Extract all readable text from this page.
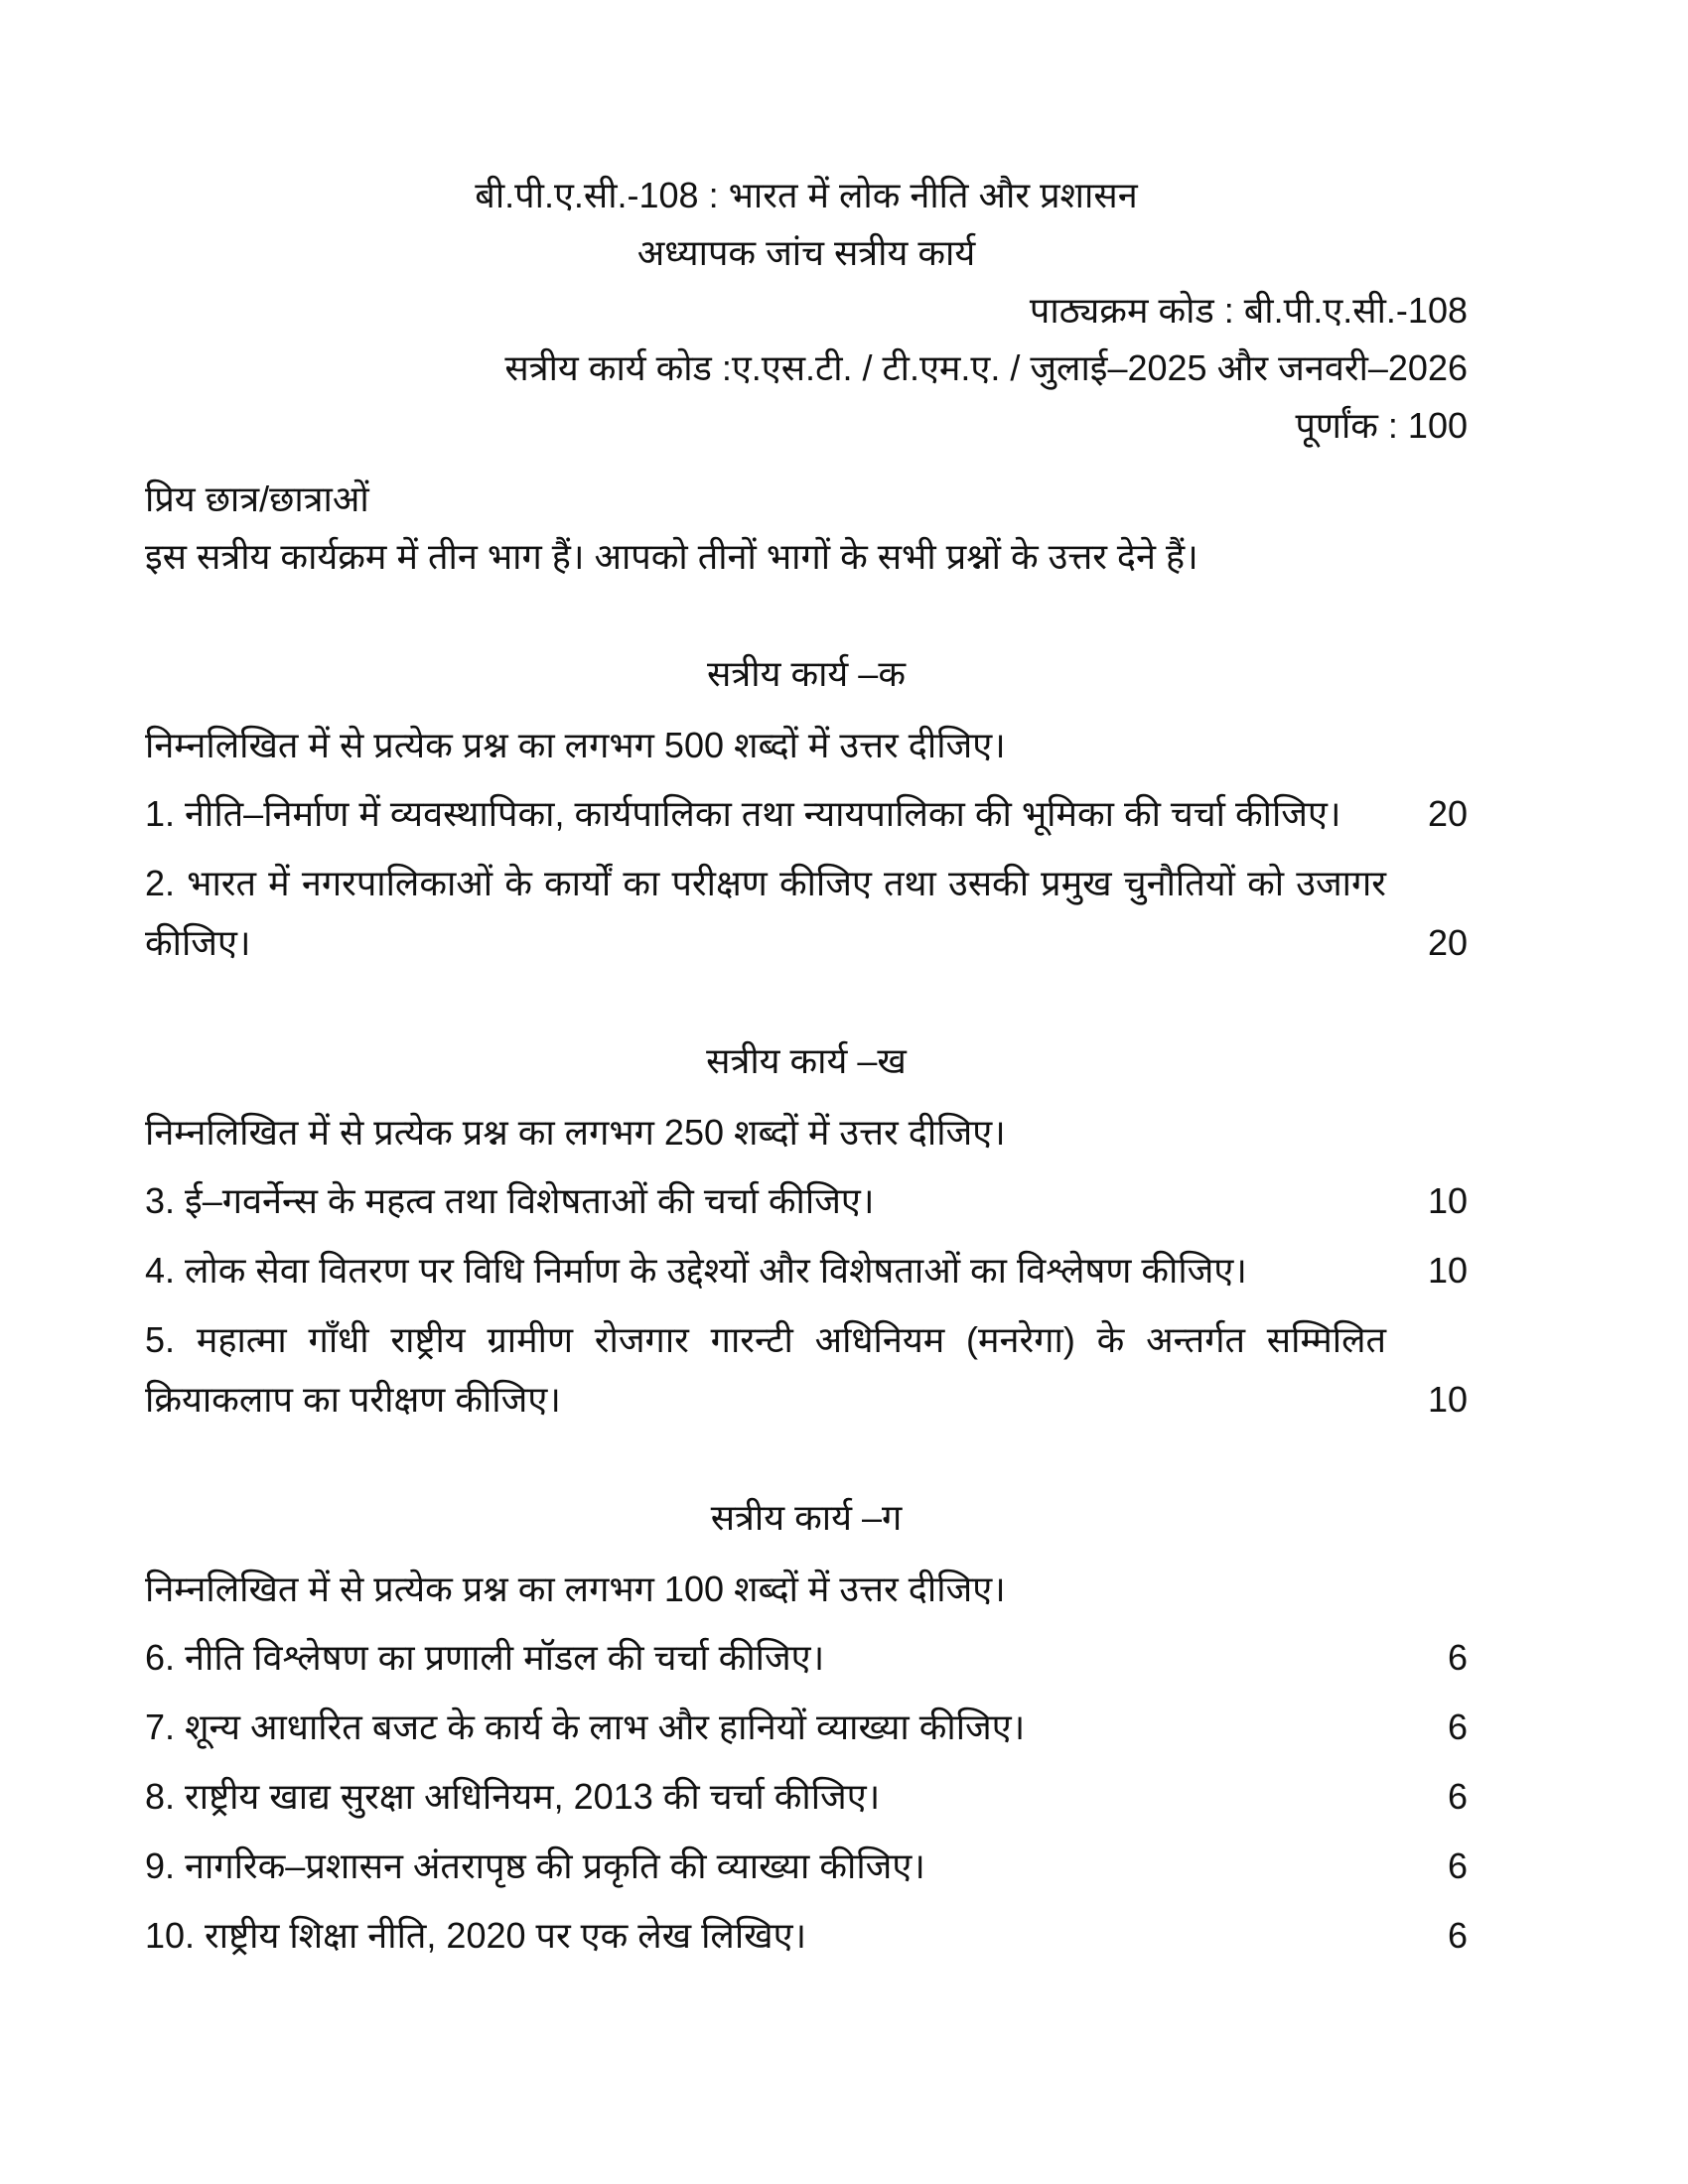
बी.पी.ए.सी.-108 : भारत में लोक नीति और प्रशासन
अध्यापक जांच सत्रीय कार्य
पाठ्यक्रम कोड : बी.पी.ए.सी.-108
सत्रीय कार्य कोड :ए.एस.टी. / टी.एम.ए. / जुलाई–2025 और जनवरी–2026
पूर्णांक : 100
प्रिय छात्र/छात्राओं
इस सत्रीय कार्यक्रम में तीन भाग हैं। आपको तीनों भागों के सभी प्रश्नों के उत्तर देने हैं।
सत्रीय कार्य –क
निम्नलिखित में से प्रत्येक प्रश्न का लगभग 500 शब्दों में उत्तर दीजिए।
1. नीति–निर्माण में व्यवस्थापिका, कार्यपालिका तथा न्यायपालिका की भूमिका की चर्चा कीजिए।	20
2. भारत में नगरपालिकाओं के कार्यों का परीक्षण कीजिए तथा उसकी प्रमुख चुनौतियों को उजागर कीजिए।	20
सत्रीय कार्य –ख
निम्नलिखित में से प्रत्येक प्रश्न का लगभग 250 शब्दों में उत्तर दीजिए।
3. ई–गवर्नेन्स के महत्व तथा विशेषताओं की चर्चा कीजिए।	10
4. लोक सेवा वितरण पर विधि निर्माण के उद्देश्यों और विशेषताओं का विश्लेषण कीजिए।	10
5. महात्मा गाँधी राष्ट्रीय ग्रामीण रोजगार गारन्टी अधिनियम (मनरेगा) के अन्तर्गत सम्मिलित क्रियाकलाप का परीक्षण कीजिए।	10
सत्रीय कार्य –ग
निम्नलिखित में से प्रत्येक प्रश्न का लगभग 100 शब्दों में उत्तर दीजिए।
6. नीति विश्लेषण का प्रणाली मॉडल की चर्चा कीजिए।	6
7. शून्य आधारित बजट के कार्य के लाभ और हानियों व्याख्या कीजिए।	6
8. राष्ट्रीय खाद्य सुरक्षा अधिनियम, 2013 की चर्चा कीजिए।	6
9. नागरिक–प्रशासन अंतरापृष्ठ की प्रकृति की व्याख्या कीजिए।	6
10. राष्ट्रीय शिक्षा नीति, 2020 पर एक लेख लिखिए।	6
